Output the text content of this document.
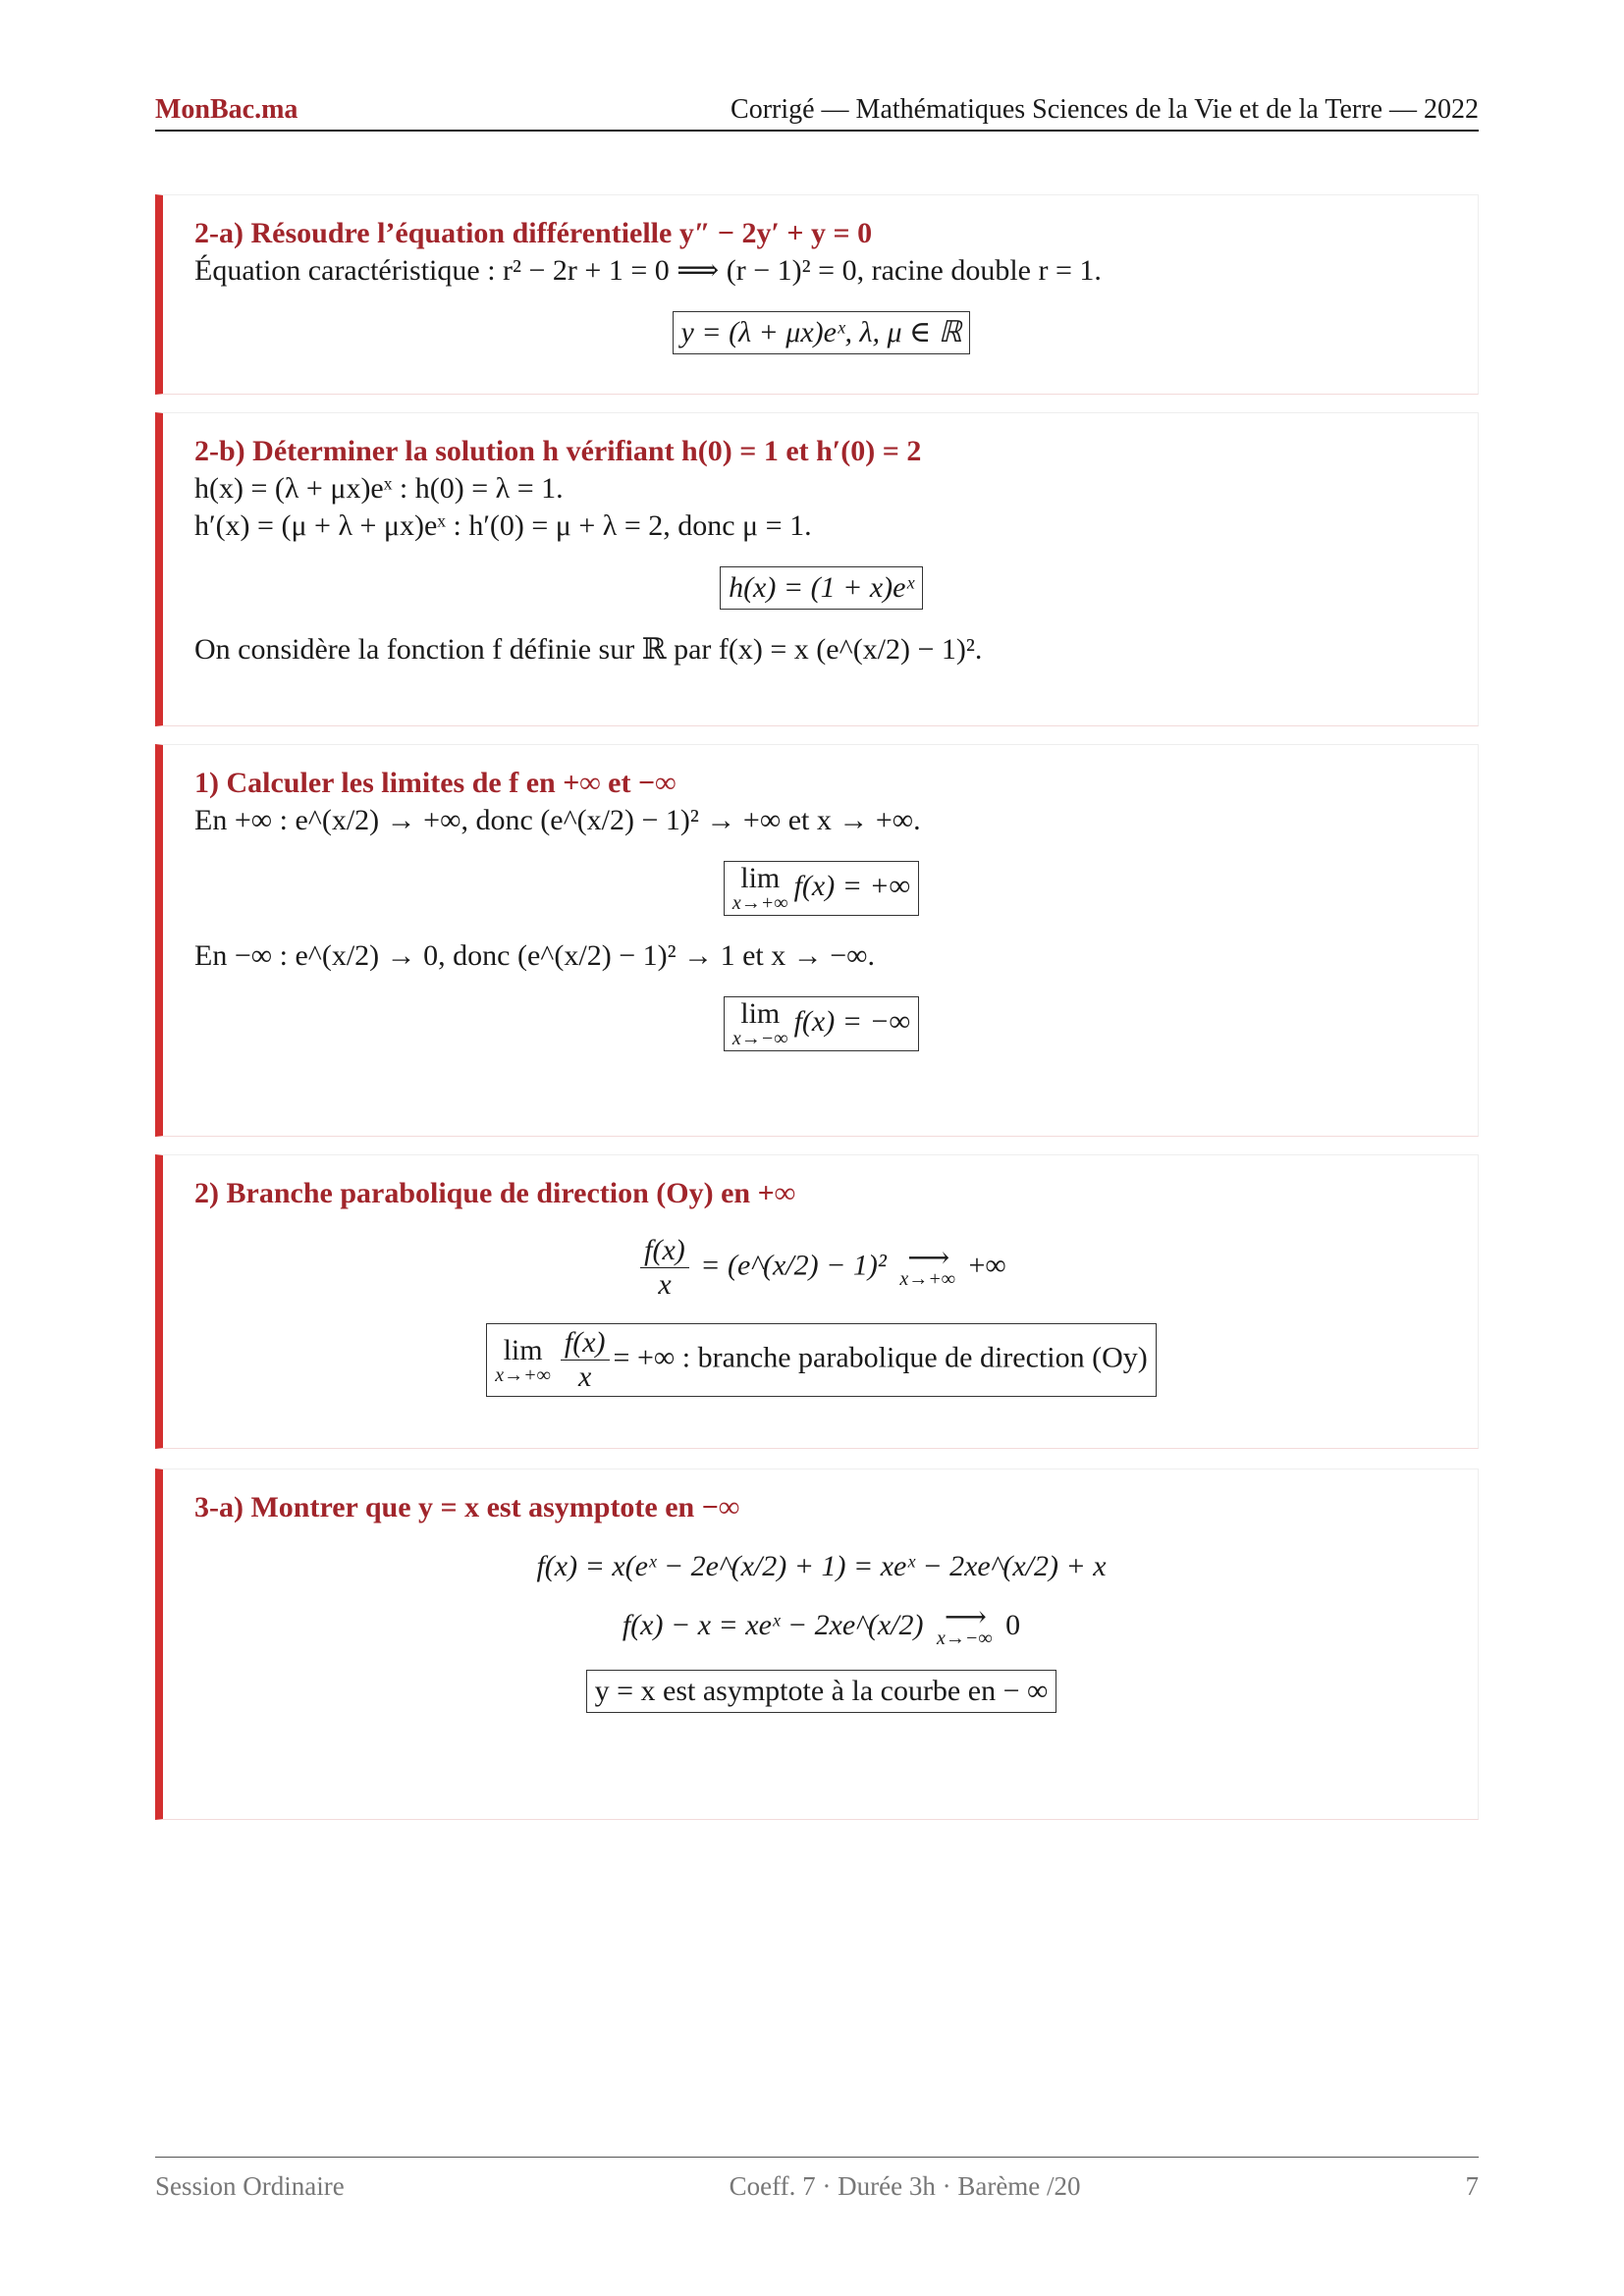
MonBac.ma	Corrigé — Mathématiques Sciences de la Vie et de la Terre — 2022
2-a) Résoudre l’équation différentielle y″ − 2y′ + y = 0
Équation caractéristique : r² − 2r + 1 = 0 ⟹ (r − 1)² = 0, racine double r = 1.
y = (λ + μx)eˣ, λ, μ ∈ ℝ
2-b) Déterminer la solution h vérifiant h(0) = 1 et h′(0) = 2
h(x) = (λ + μx)eˣ : h(0) = λ = 1.
h′(x) = (μ + λ + μx)eˣ : h′(0) = μ + λ = 2, donc μ = 1.
h(x) = (1 + x)eˣ
On considère la fonction f définie sur ℝ par f(x) = x (e^(x/2) − 1)².
1) Calculer les limites de f en +∞ et −∞
En +∞ : e^(x/2) → +∞, donc (e^(x/2) − 1)² → +∞ et x → +∞.
lim
x→+∞
f(x) = +∞
En −∞ : e^(x/2) → 0, donc (e^(x/2) − 1)² → 1 et x → −∞.
lim
x→−∞
f(x) = −∞
2) Branche parabolique de direction (Oy) en +∞
$\frac{f(x)}{x}$ = (e^(x/2) − 1)² ⟶
x→+∞ +∞
lim
$x\to+\infty \frac{f(x)}{x}$ = +∞ : branche parabolique de direction (Oy)
3-a) Montrer que y = x est asymptote en −∞
f(x) = x(eˣ − 2e^(x/2) + 1) = xeˣ − 2xe^(x/2) + x
f(x) − x = xeˣ − 2xe^(x/2) ⟶
x→−∞ 0
y = x est asymptote à la courbe en − ∞
Session Ordinaire	Coeff. 7 · Durée 3h · Barème /20	7
